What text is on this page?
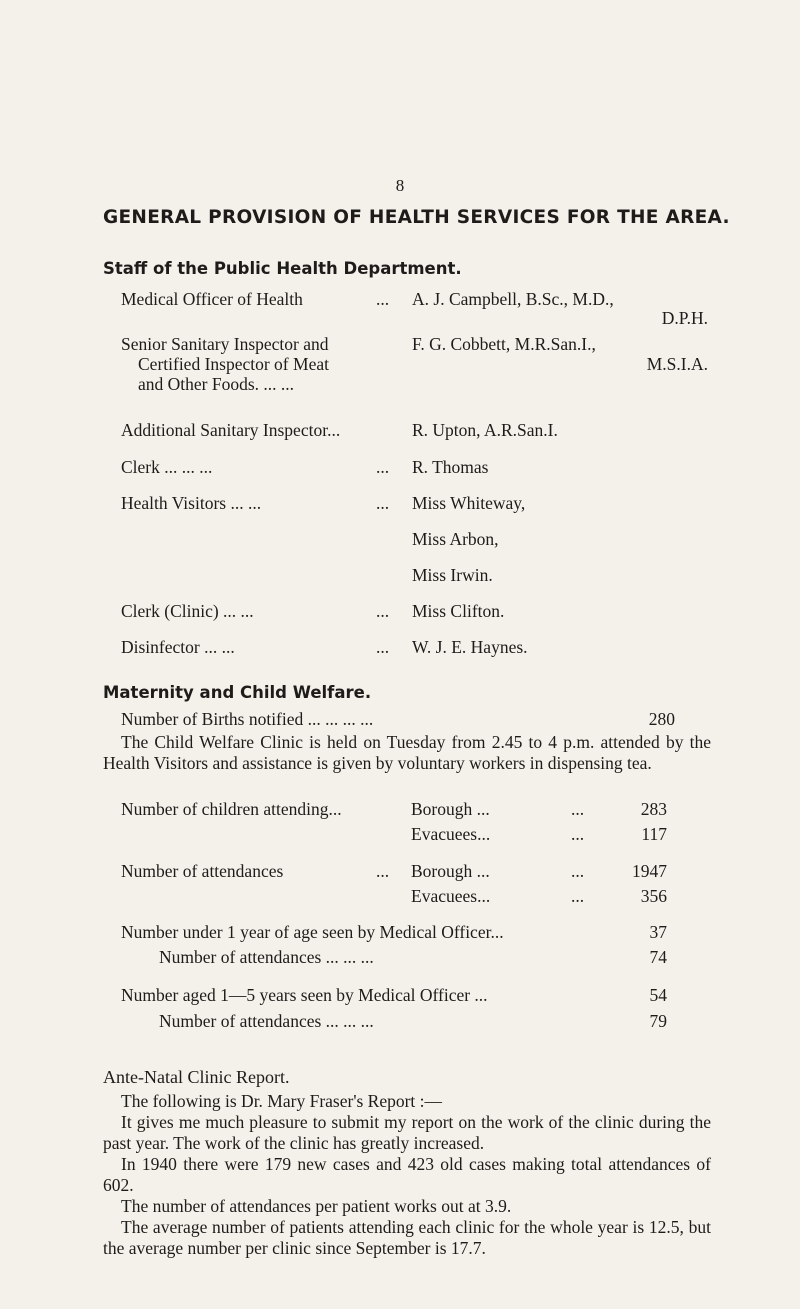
8
GENERAL PROVISION OF HEALTH SERVICES FOR THE AREA.
Staff of the Public Health Department.
Medical Officer of Health	... A. J. Campbell, B.Sc., M.D.,
D.P.H.
Senior Sanitary Inspector and
Certified Inspector of Meat
and Other Foods. ... ...
F. G. Cobbett, M.R.San.I.,
M.S.I.A.
Additional Sanitary Inspector...	R. Upton, A.R.San.I.
Clerk ... ... ...	... R. Thomas
Health Visitors ... ...	... Miss Whiteway,
Miss Arbon,
Miss Irwin.
Clerk (Clinic) ... ...	... Miss Clifton.
Disinfector ... ...	... W. J. E. Haynes.
Maternity and Child Welfare.
Number of Births notified ... ... ... ...	280
The Child Welfare Clinic is held on Tuesday from 2.45 to 4 p.m. attended by the Health Visitors and assistance is given by voluntary workers in dispensing tea.
Number of children attending...	Borough ...	...	283
Evacuees...	...	117
Number of attendances	... Borough ...	...	1947
Evacuees...	...	356
Number under 1 year of age seen by Medical Officer...	37
Number of attendances ... ... ...	74
Number aged 1—5 years seen by Medical Officer ...	54
Number of attendances ... ... ...	79
Ante-Natal Clinic Report.
The following is Dr. Mary Fraser's Report :—
It gives me much pleasure to submit my report on the work of the clinic during the past year. The work of the clinic has greatly increased.
In 1940 there were 179 new cases and 423 old cases making total attendances of 602.
The number of attendances per patient works out at 3.9.
The average number of patients attending each clinic for the whole year is 12.5, but the average number per clinic since September is 17.7.
